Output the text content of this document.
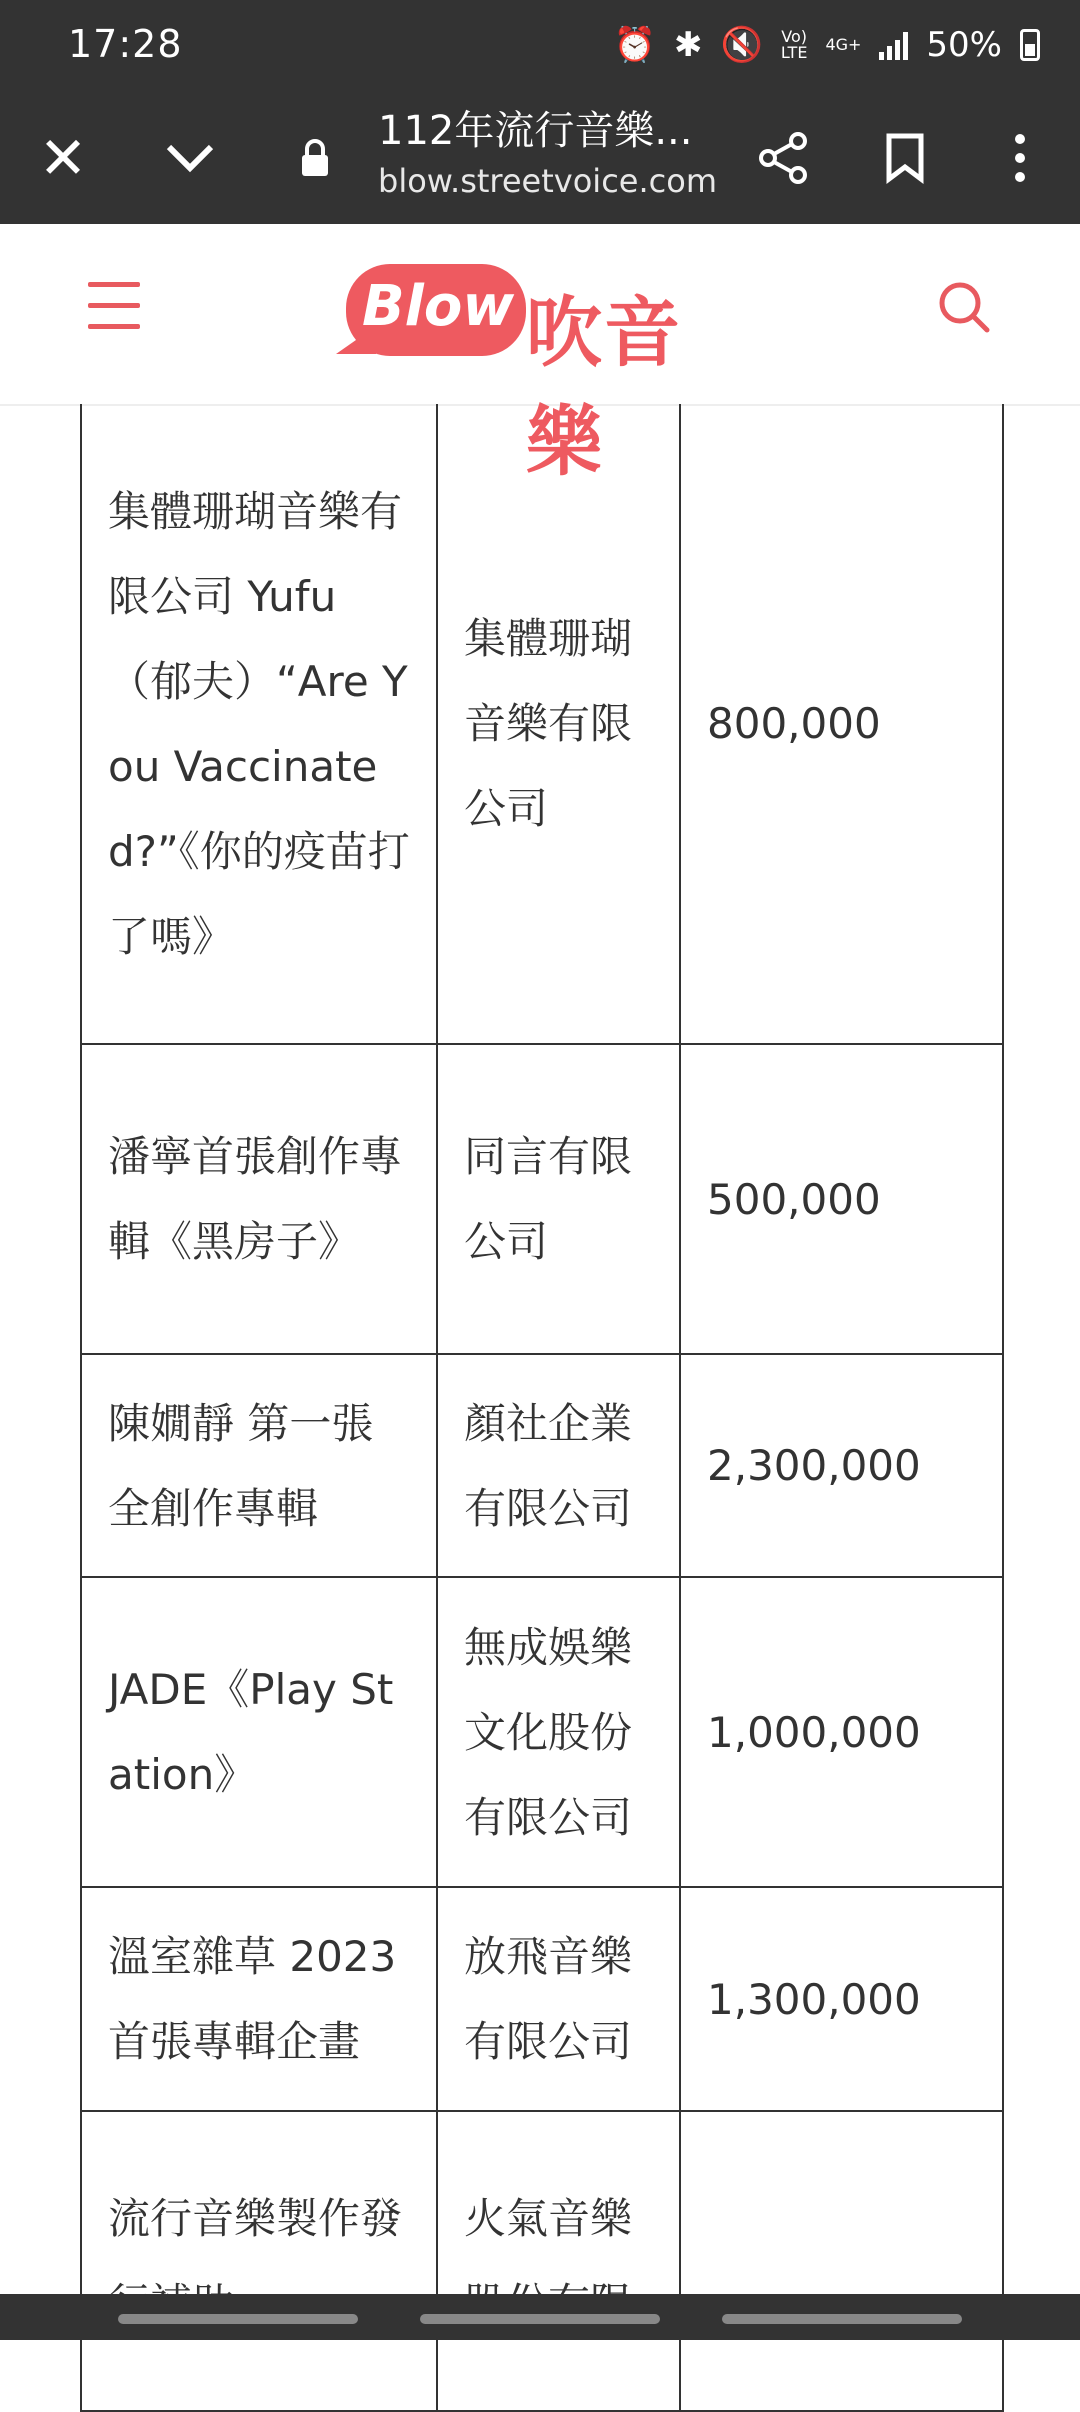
17:28	⏰ ✱ 🔇 Vo)
LTE 4G+ 50%
✕	112年流行音樂...
blow.streetvoice.com
Blow 吹音樂
集體珊瑚音樂有限公司 Yufu（郁夫）“Are You Vaccinated?”《你的疫苗打了嗎》	集體珊瑚音樂有限公司	800,000
潘寧首張創作專輯《黑房子》	同言有限公司	500,000
陳嫺靜 第一張全創作專輯	顏社企業有限公司	2,300,000
JADE《Play Station》	無成娛樂文化股份有限公司	1,000,000
溫室雜草 2023 首張專輯企畫	放飛音樂有限公司	1,300,000
流行音樂製作發	火氣音樂	
